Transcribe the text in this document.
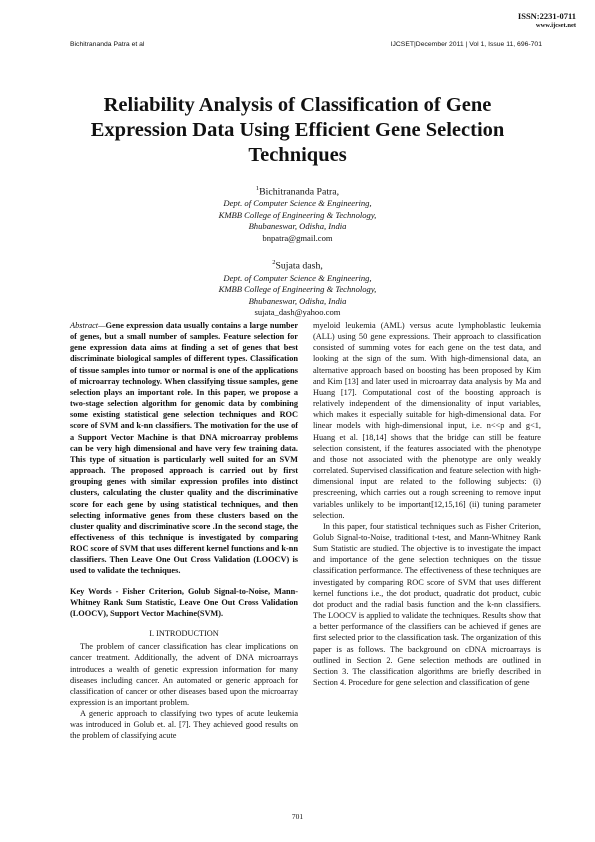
ISSN:2231-0711
www.ijcset.net
Bichitrananda Patra et al	IJCSET|December 2011 | Vol 1, Issue 11, 696-701
Reliability Analysis of Classification of Gene Expression Data Using Efficient Gene Selection Techniques
$^1$Bichitrananda Patra,
Dept. of Computer Science & Engineering,
KMBB College of Engineering & Technology,
Bhubaneswar, Odisha, India
bnpatra@gmail.com
$^2$Sujata dash,
Dept. of Computer Science & Engineering,
KMBB College of Engineering & Technology,
Bhubaneswar, Odisha, India
sujata_dash@yahoo.com

Abstract—Gene expression data usually contains a large number of genes, but a small number of samples. Feature selection for gene expression data aims at finding a set of genes that best discriminate biological samples of different types. Classification of tissue samples into tumor or normal is one of the applications of microarray technology. When classifying tissue samples, gene selection plays an important role. In this paper, we propose a two-stage selection algorithm for genomic data by combining some existing statistical gene selection techniques and ROC score of SVM and k-nn classifiers. The motivation for the use of a Support Vector Machine is that DNA microarray problems can be very high dimensional and have very few training data. This type of situation is particularly well suited for an SVM approach. The proposed approach is carried out by first grouping genes with similar expression profiles into distinct clusters, calculating the cluster quality and the discriminative score for each gene by using statistical techniques, and then selecting informative genes from these clusters based on the cluster quality and discriminative score .In the second stage, the effectiveness of this technique is investigated by comparing ROC score of SVM that uses different kernel functions and k-nn classifiers. Then Leave One Out Cross Validation (LOOCV) is used to validate the techniques.

Key Words - Fisher Criterion, Golub Signal-to-Noise, Mann-Whitney Rank Sum Statistic, Leave One Out Cross Validation (LOOCV), Support Vector Machine(SVM).

I. INTRODUCTION

The problem of cancer classification has clear implications on cancer treatment. Additionally, the advent of DNA microarrays introduces a wealth of genetic expression information for many diseases including cancer. An automated or generic approach for classification of cancer or other diseases based upon the microarray expression is an important problem.

A generic approach to classifying two types of acute leukemia was introduced in Golub et. al. [7]. They achieved good results on the problem of classifying acute

myeloid leukemia (AML) versus acute lymphoblastic leukemia (ALL) using 50 gene expressions. Their approach to classification consisted of summing votes for each gene on the test data, and looking at the sign of the sum. With high-dimensional data, an alternative approach based on boosting has been proposed by Kim and Kim [13] and later used in microarray data analysis by Ma and Huang [17]. Computational cost of the boosting approach is relatively independent of the dimensionality of input variables, which makes it especially suitable for high-dimensional data. For linear models with high-dimensional input, i.e. n<<p and g<1, Huang et al. [18,14] shows that the bridge can still be feature selection consistent, if the features associated with the phenotype and those not associated with the phenotype are only weakly correlated. Supervised classification and feature selection with high-dimensional input are related to the following subjects: (i) prescreening, which carries out a rough screening to remove input variables unlikely to be important[12,15,16] (ii) tuning parameter selection.

In this paper, four statistical techniques such as Fisher Criterion, Golub Signal-to-Noise, traditional t-test, and Mann-Whitney Rank Sum Statistic are studied. The objective is to investigate the impact and importance of the gene selection techniques on the tissue classification performance. The effectiveness of these techniques are investigated by comparing ROC score of SVM that uses different kernel functions i.e., the dot product, quadratic dot product, cubic dot product and the radial basis function and the k-nn classifiers. The LOOCV is applied to validate the techniques. Results show that a better performance of the classifiers can be achieved if genes are first selected prior to the classification task. The organization of this paper is as follows. The background on cDNA microarrays is outlined in Section 2. Gene selection methods are outlined in Section 3. The classification algorithms are briefly described in Section 4. Procedure for gene selection and classification of gene

701
